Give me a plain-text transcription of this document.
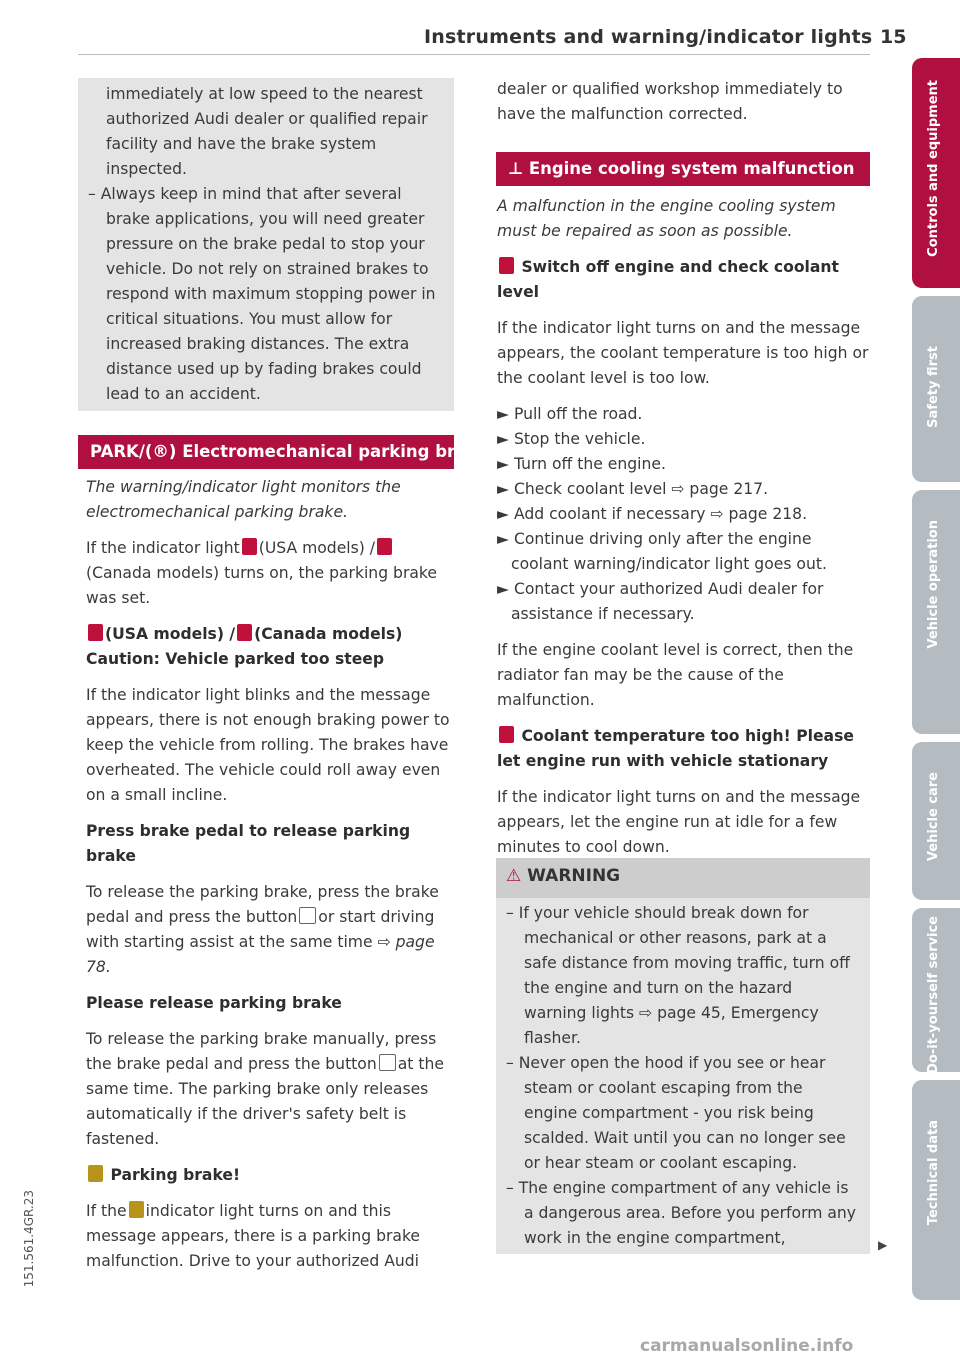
Instruments and warning/indicator lights 15

immediately at low speed to the nearest authorized Audi dealer or qualified repair facility and have the brake system inspected.

– Always keep in mind that after several brake applications, you will need greater pressure on the brake pedal to stop your vehicle. Do not rely on strained brakes to respond with maximum stopping power in critical situations. You must allow for increased braking distances. The extra distance used up by fading brakes could lead to an accident.

PARK/(®) Electromechanical parking brake

The warning/indicator light monitors the electromechanical parking brake.

If the indicator light (USA models) /(Canada models) turns on, the parking brake was set.

(USA models) / (Canada models) Caution: Vehicle parked too steep

If the indicator light blinks and the message appears, there is not enough braking power to keep the vehicle from rolling. The brakes have overheated. The vehicle could roll away even on a small incline.

Press brake pedal to release parking brake

To release the parking brake, press the brake pedal and press the button or start driving with starting assist at the same time ⇨ page 78.

Please release parking brake

To release the parking brake manually, press the brake pedal and press the button at the same time. The parking brake only releases automatically if the driver's safety belt is fastened.

Parking brake!

If the indicator light turns on and this message appears, there is a parking brake malfunction. Drive to your authorized Audi

dealer or qualified workshop immediately to have the malfunction corrected.

⊥ Engine cooling system malfunction

A malfunction in the engine cooling system must be repaired as soon as possible.

Switch off engine and check coolant level

If the indicator light turns on and the message appears, the coolant temperature is too high or the coolant level is too low.

► Pull off the road.

► Stop the vehicle.

► Turn off the engine.

► Check coolant level ⇨ page 217.

► Add coolant if necessary ⇨ page 218.

► Continue driving only after the engine coolant warning/indicator light goes out.

► Contact your authorized Audi dealer for assistance if necessary.

If the engine coolant level is correct, then the radiator fan may be the cause of the malfunction.

Coolant temperature too high! Please let engine run with vehicle stationary

If the indicator light turns on and the message appears, let the engine run at idle for a few minutes to cool down.

⚠ WARNING

– If your vehicle should break down for mechanical or other reasons, park at a safe distance from moving traffic, turn off the engine and turn on the hazard warning lights ⇨ page 45, Emergency flasher.

– Never open the hood if you see or hear steam or coolant escaping from the engine compartment - you risk being scalded. Wait until you can no longer see or hear steam or coolant escaping.

– The engine compartment of any vehicle is a dangerous area. Before you perform any work in the engine compartment,	▶
Controls and equipment
Safety first
Vehicle operation
Vehicle care
Do-it-yourself service
Technical data
151.561.4GR.23
carmanualsonline.info
